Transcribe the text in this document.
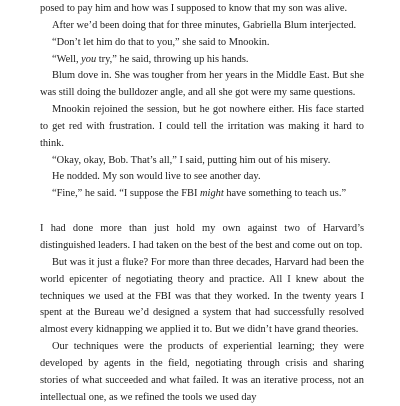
posed to pay him and how was I supposed to know that my son was alive.

After we’d been doing that for three minutes, Gabriella Blum interjected.

“Don’t let him do that to you,” she said to Mnookin.

“Well, you try,” he said, throwing up his hands.

Blum dove in. She was tougher from her years in the Middle East. But she was still doing the bulldozer angle, and all she got were my same questions.

Mnookin rejoined the session, but he got nowhere either. His face started to get red with frustration. I could tell the irritation was making it hard to think.

“Okay, okay, Bob. That’s all,” I said, putting him out of his misery.

He nodded. My son would live to see another day.

“Fine,” he said. “I suppose the FBI might have something to teach us.”

I had done more than just hold my own against two of Harvard’s distinguished leaders. I had taken on the best of the best and come out on top.

But was it just a fluke? For more than three decades, Harvard had been the world epicenter of negotiating theory and practice. All I knew about the techniques we used at the FBI was that they worked. In the twenty years I spent at the Bureau we’d designed a system that had successfully resolved almost every kidnapping we applied it to. But we didn’t have grand theories.

Our techniques were the products of experiential learning; they were developed by agents in the field, negotiating through crisis and sharing stories of what succeeded and what failed. It was an iterative process, not an intellectual one, as we refined the tools we used day
